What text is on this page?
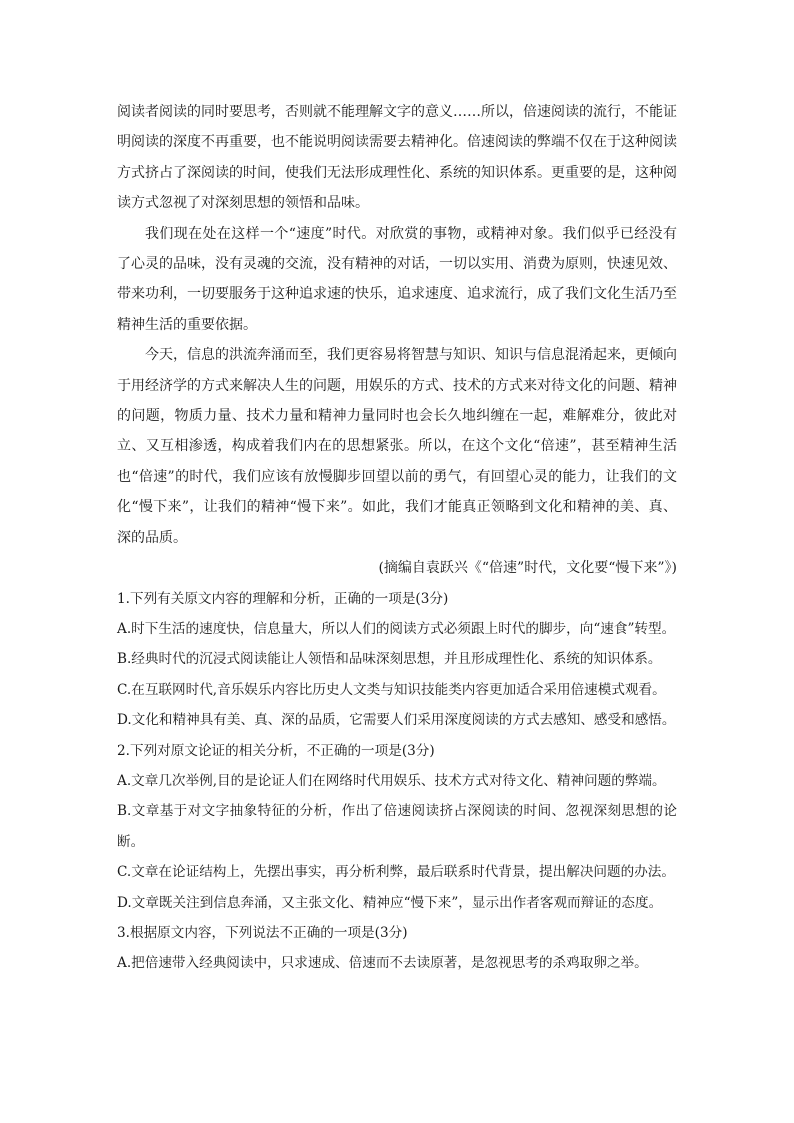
阅读者阅读的同时要思考，否则就不能理解文字的意义……所以，倍速阅读的流行，不能证明阅读的深度不再重要，也不能说明阅读需要去精神化。倍速阅读的弊端不仅在于这种阅读方式挤占了深阅读的时间，使我们无法形成理性化、系统的知识体系。更重要的是，这种阅读方式忽视了对深刻思想的领悟和品味。

我们现在处在这样一个“速度”时代。对欣赏的事物，或精神对象。我们似乎已经没有了心灵的品味，没有灵魂的交流，没有精神的对话，一切以实用、消费为原则，快速见效、带来功利，一切要服务于这种追求速的快乐，追求速度、追求流行，成了我们文化生活乃至精神生活的重要依据。

今天，信息的洪流奔涌而至，我们更容易将智慧与知识、知识与信息混淆起来，更倾向于用经济学的方式来解决人生的问题，用娱乐的方式、技术的方式来对待文化的问题、精神的问题，物质力量、技术力量和精神力量同时也会长久地纠缠在一起，难解难分，彼此对立、又互相渗透，构成着我们内在的思想紧张。所以，在这个文化“倍速”，甚至精神生活也“倍速”的时代，我们应该有放慢脚步回望以前的勇气，有回望心灵的能力，让我们的文化“慢下来”，让我们的精神“慢下来”。如此，我们才能真正领略到文化和精神的美、真、深的品质。

(摘编自袁跃兴《“倍速”时代，文化要“慢下来”》)

1.下列有关原文内容的理解和分析，正确的一项是(3分)

A.时下生活的速度快，信息量大，所以人们的阅读方式必须跟上时代的脚步，向“速食”转型。

B.经典时代的沉浸式阅读能让人领悟和品味深刻思想，并且形成理性化、系统的知识体系。

C.在互联网时代,音乐娱乐内容比历史人文类与知识技能类内容更加适合采用倍速模式观看。

D.文化和精神具有美、真、深的品质，它需要人们采用深度阅读的方式去感知、感受和感悟。

2.下列对原文论证的相关分析，不正确的一项是(3分)

A.文章几次举例,目的是论证人们在网络时代用娱乐、技术方式对待文化、精神问题的弊端。

B.文章基于对文字抽象特征的分析，作出了倍速阅读挤占深阅读的时间、忽视深刻思想的论断。

C.文章在论证结构上，先摆出事实，再分析利弊，最后联系时代背景，提出解决问题的办法。

D.文章既关注到信息奔涌，又主张文化、精神应“慢下来”，显示出作者客观而辩证的态度。

3.根据原文内容，下列说法不正确的一项是(3分)

A.把倍速带入经典阅读中，只求速成、倍速而不去读原著，是忽视思考的杀鸡取卵之举。
